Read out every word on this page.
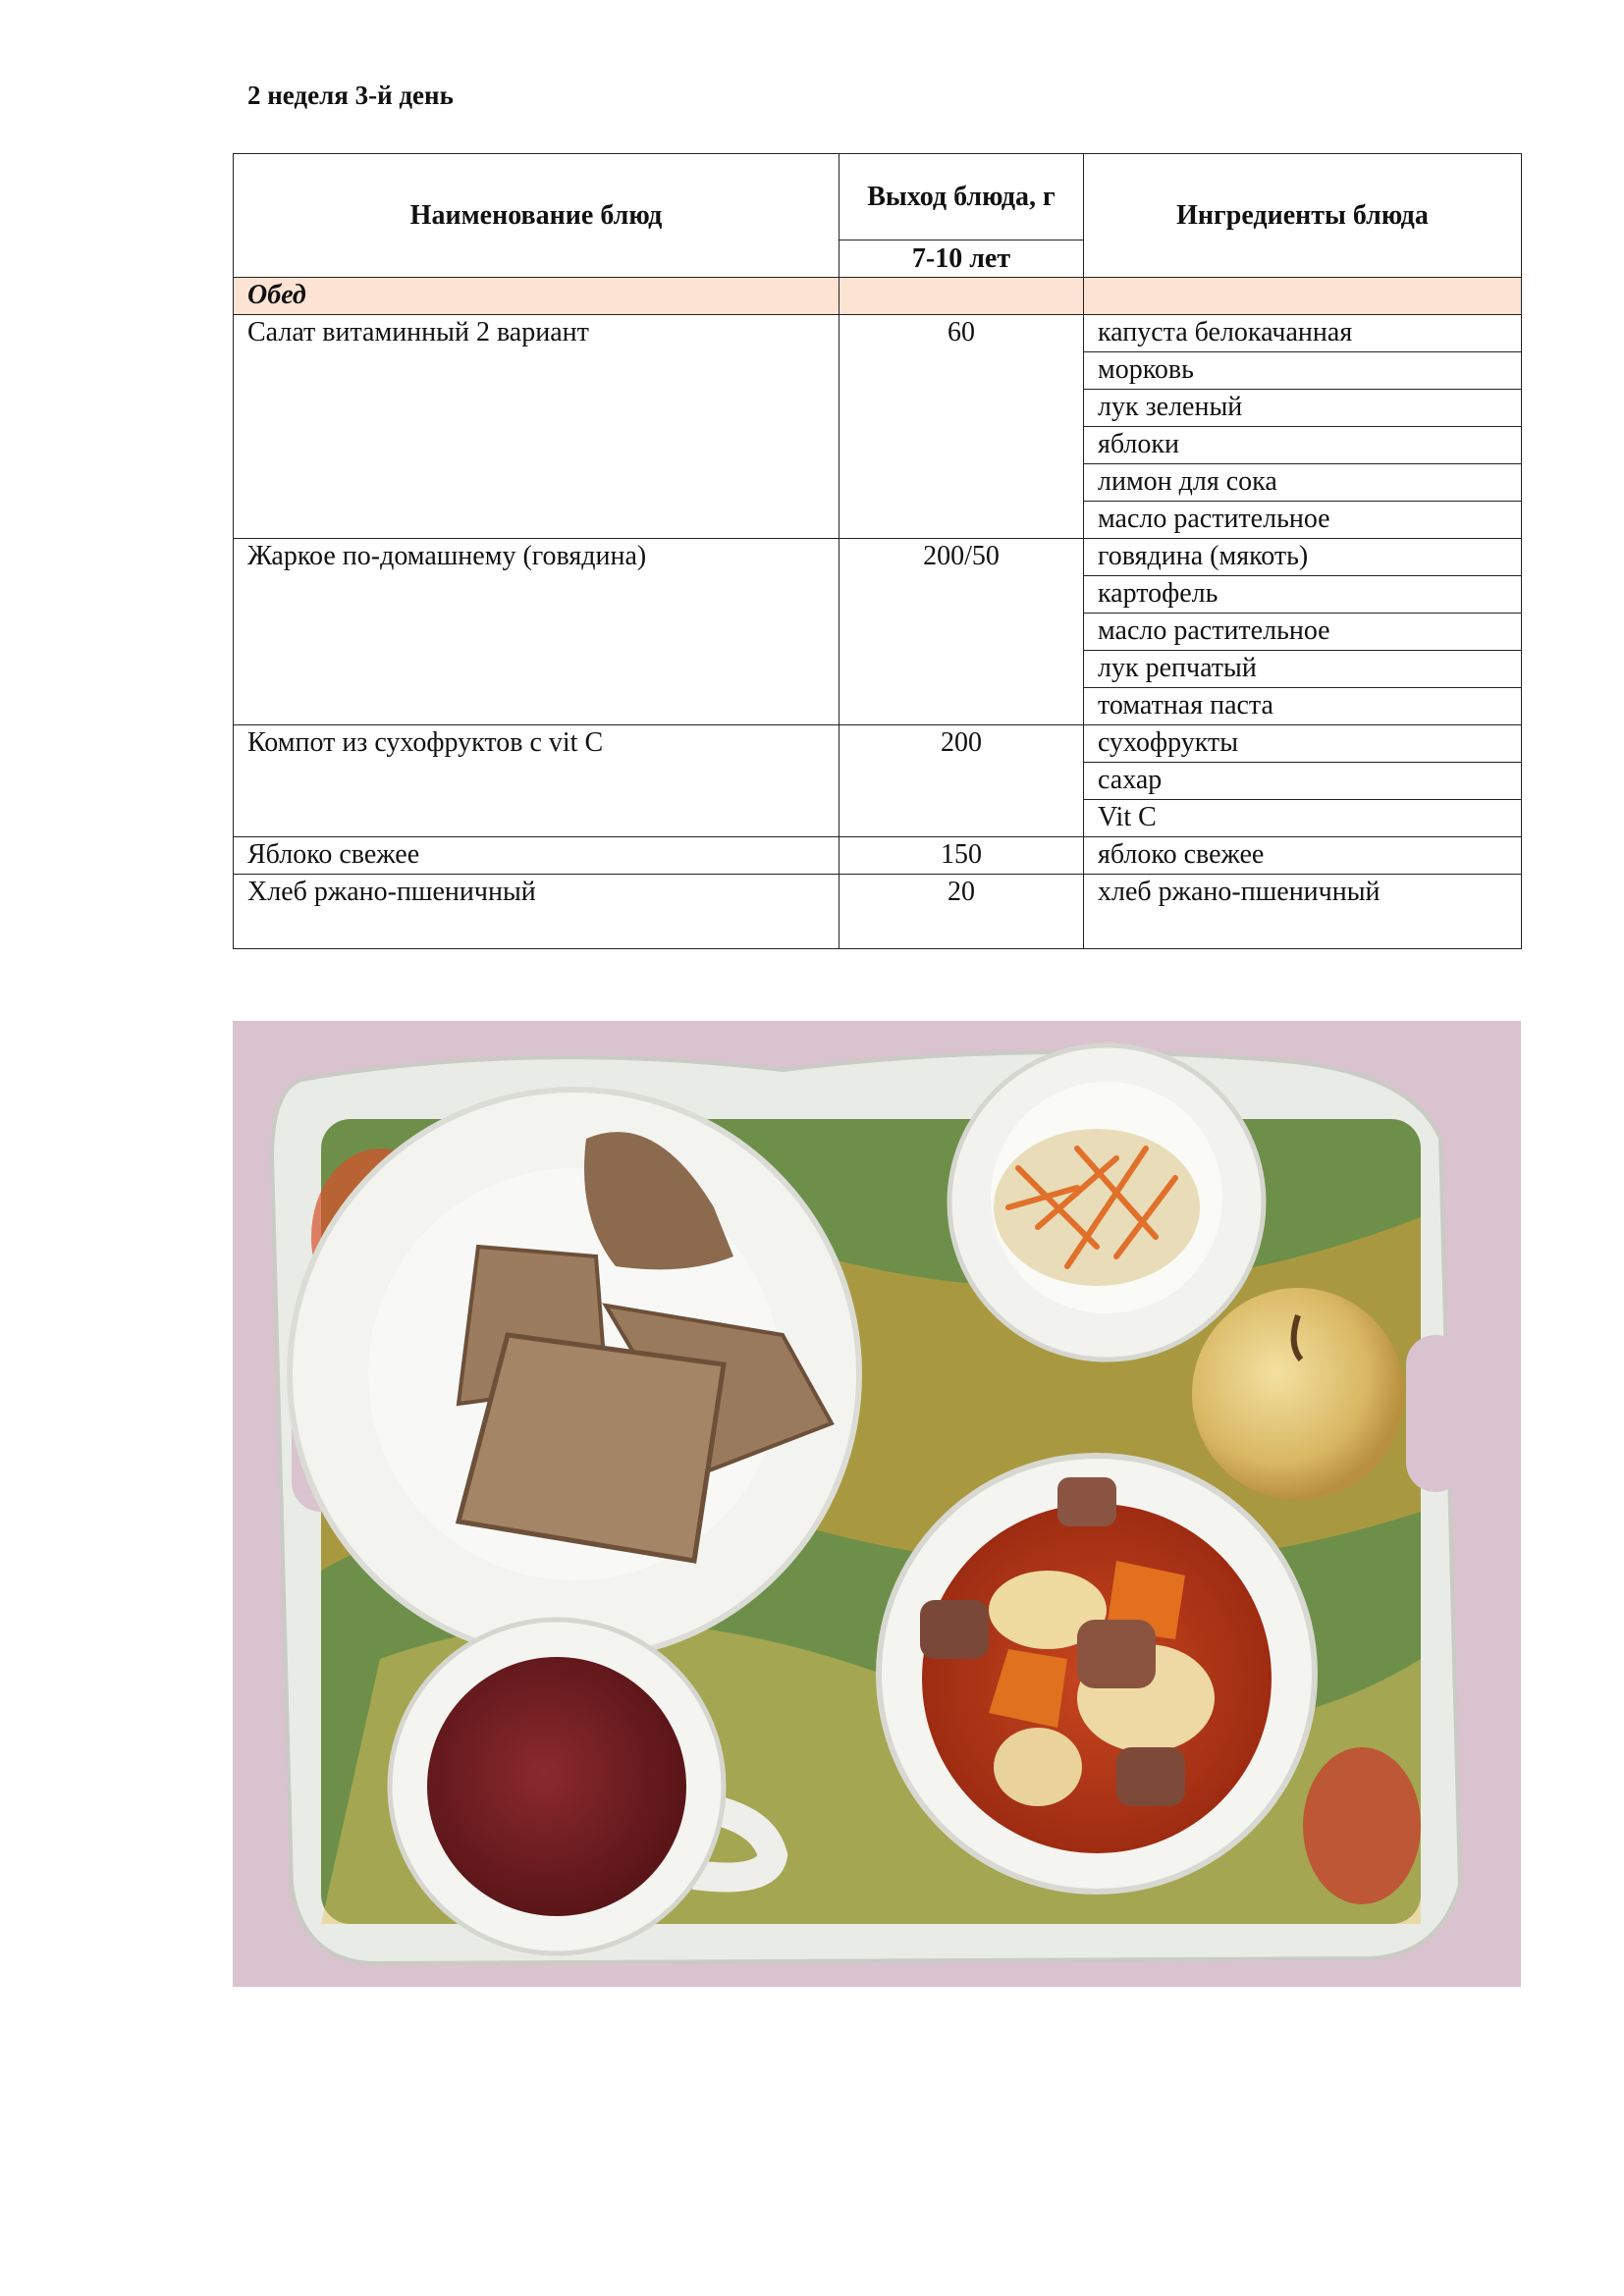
2 неделя 3-й день
Наименование блюд	Выход блюда, г	Ингредиенты блюда
	7-10 лет	
Обед		
Салат витаминный 2 вариант	60	капуста белокачанная
		морковь
		лук зеленый
		яблоки
		лимон для сока
		масло растительное
Жаркое по-домашнему (говядина)	200/50	говядина (мякоть)
		картофель
		масло растительное
		лук репчатый
		томатная паста
Компот из сухофруктов с vit C	200	сухофрукты
		сахар
		Vit C
Яблоко свежее	150	яблоко свежее
Хлеб ржано-пшеничный	20	хлеб ржано-пшеничный
